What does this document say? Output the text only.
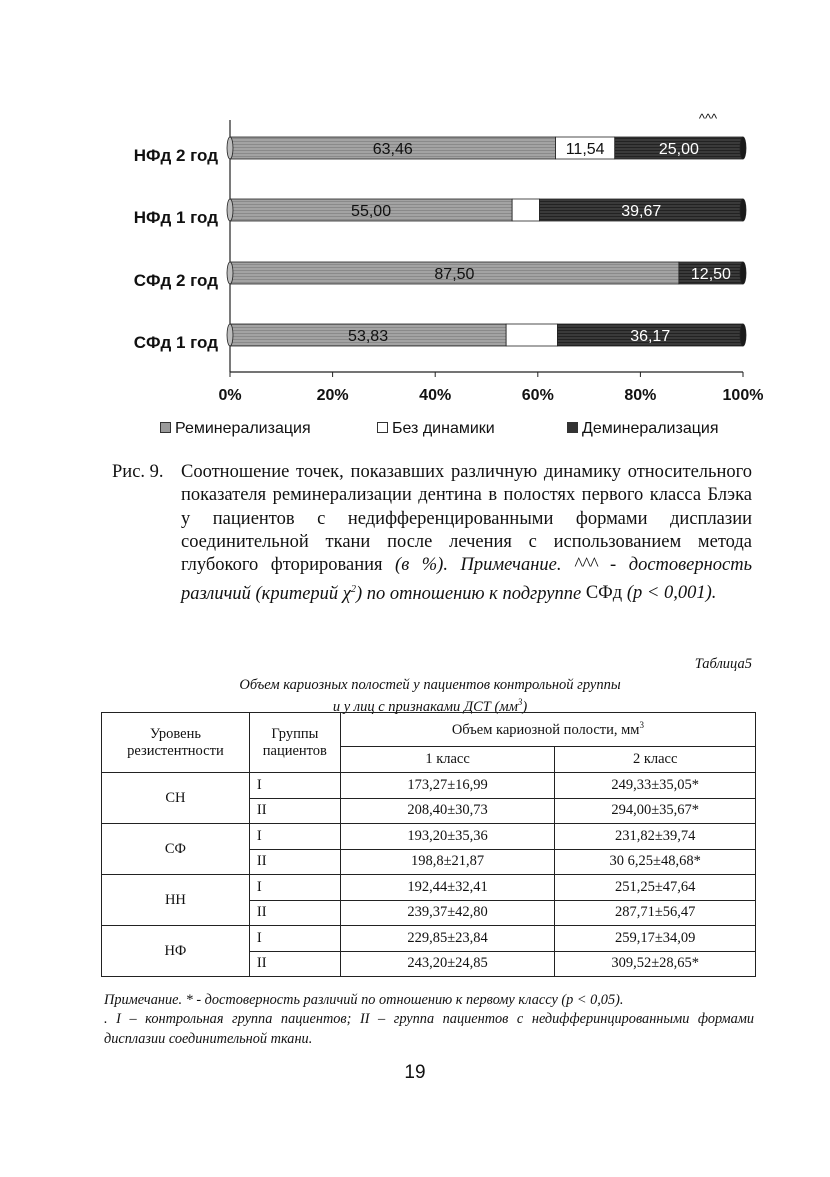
0%	20%	40%	60%	80%	100%
НФд 2 год	63,46	11,54	25,00
НФд 1 год	55,00	39,67
СФд 2 год	87,50	12,50
СФд 1 год	53,83	36,17
^^^
Реминерализация	Без динамики	Деминерализация
Рис. 9. Соотношение точек, показавших различную динамику относительного показателя реминерализации дентина в полостях первого класса Блэка у пациентов с недифференцированными формами дисплазии соединительной ткани после лечения с использованием метода глубокого фторирования (в %). Примечание. ^^^ - достоверность различий (критерий $\chi^2$) по отношению к подгруппе СФд (р < 0,001).
Таблица5
Объем кариозных полостей у пациентов контрольной группы
и у лиц с признаками ДСТ $(мм^3)$
Уровень резистентности	Группы пациентов	Объем кариозной полости, $мм^3$
		1 класс	2 класс
СН	I	173,27±16,99	249,33±35,05*
	II	208,40±30,73	294,00±35,67*
СФ	I	193,20±35,36	231,82±39,74
	II	198,8±21,87	30 6,25±48,68*
НН	I	192,44±32,41	251,25±47,64
	II	239,37±42,80	287,71±56,47
НФ	I	229,85±23,84	259,17±34,09
	II	243,20±24,85	309,52±28,65*
Примечание. * - достоверность различий по отношению к первому классу (р < 0,05).
. I – контрольная группа пациентов; II – группа пациентов с недифферинцированными формами дисплазии соединительной ткани.
19
